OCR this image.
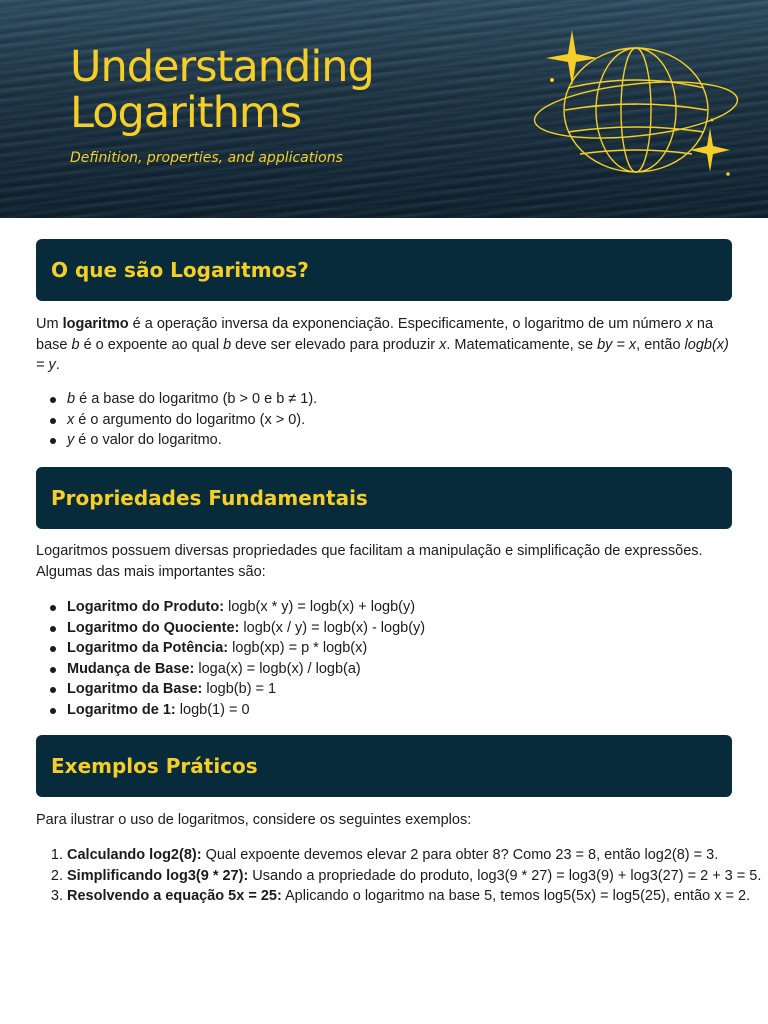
Understanding
Logarithms
Definition, properties, and applications
O que são Logaritmos?

Um logaritmo é a operação inversa da exponenciação. Especificamente, o logaritmo de um número x na base b é o expoente ao qual b deve ser elevado para produzir x. Matematicamente, se by = x, então logb(x) = y.

b é a base do logaritmo (b > 0 e b ≠ 1).
x é o argumento do logaritmo (x > 0).
y é o valor do logaritmo.
Propriedades Fundamentais

Logaritmos possuem diversas propriedades que facilitam a manipulação e simplificação de expressões. Algumas das mais importantes são:

Logaritmo do Produto: logb(x * y) = logb(x) + logb(y)
Logaritmo do Quociente: logb(x / y) = logb(x) - logb(y)
Logaritmo da Potência: logb(xp) = p * logb(x)
Mudança de Base: loga(x) = logb(x) / logb(a)
Logaritmo da Base: logb(b) = 1
Logaritmo de 1: logb(1) = 0
Exemplos Práticos

Para ilustrar o uso de logaritmos, considere os seguintes exemplos:

1. Calculando log2(8): Qual expoente devemos elevar 2 para obter 8? Como 23 = 8, então log2(8) = 3.
2. Simplificando log3(9 * 27): Usando a propriedade do produto, log3(9 * 27) = log3(9) + log3(27) = 2 + 3 = 5.
3. Resolvendo a equação 5x = 25: Aplicando o logaritmo na base 5, temos log5(5x) = log5(25), então x = 2.
